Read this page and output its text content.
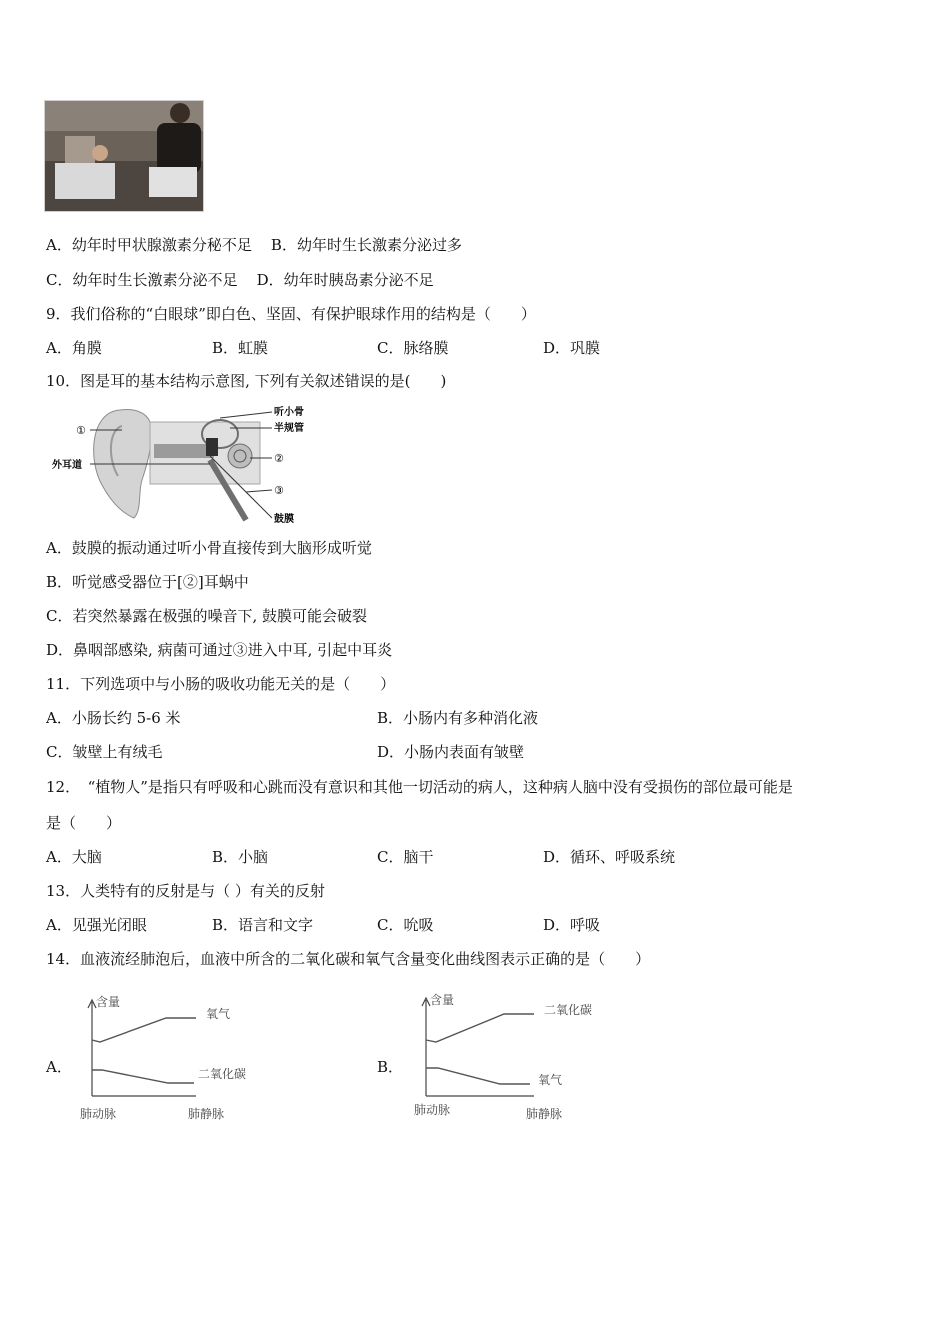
A．幼年时甲状腺激素分秘不足 B．幼年时生长激素分泌过多
C．幼年时生长激素分泌不足 D．幼年时胰岛素分泌不足
9．我们俗称的“白眼球”即白色、坚固、有保护眼球作用的结构是（　　）
A．角膜	B．虹膜	C．脉络膜	D．巩膜
10．图是耳的基本结构示意图, 下列有关叙述错误的是(　　)
①
外耳道
听小骨
半规管
②
③
鼓膜
A．鼓膜的振动通过听小骨直接传到大脑形成听觉
B．听觉感受器位于[②]耳蜗中
C．若突然暴露在极强的噪音下, 鼓膜可能会破裂
D．鼻咽部感染, 病菌可通过③进入中耳, 引起中耳炎
11．下列选项中与小肠的吸收功能无关的是（　　）
A．小肠长约 5-6 米	B．小肠内有多种消化液
C．皱壁上有绒毛	D．小肠内表面有皱壁
12．　“植物人”是指只有呼吸和心跳而没有意识和其他一切活动的病人，这种病人脑中没有受损伤的部位最可能是
是（　　）
A．大脑	B．小脑	C．脑干	D．循环、呼吸系统
13．人类特有的反射是与（ ）有关的反射
A．见强光闭眼	B．语言和文字	C．吮吸	D．呼吸
14．血液流经肺泡后，血液中所含的二氧化碳和氧气含量变化曲线图表示正确的是（　　）
A．
含量
氧气
二氧化碳
肺动脉	肺静脉
B．
含量
二氧化碳
氧气
肺动脉	肺静脉
